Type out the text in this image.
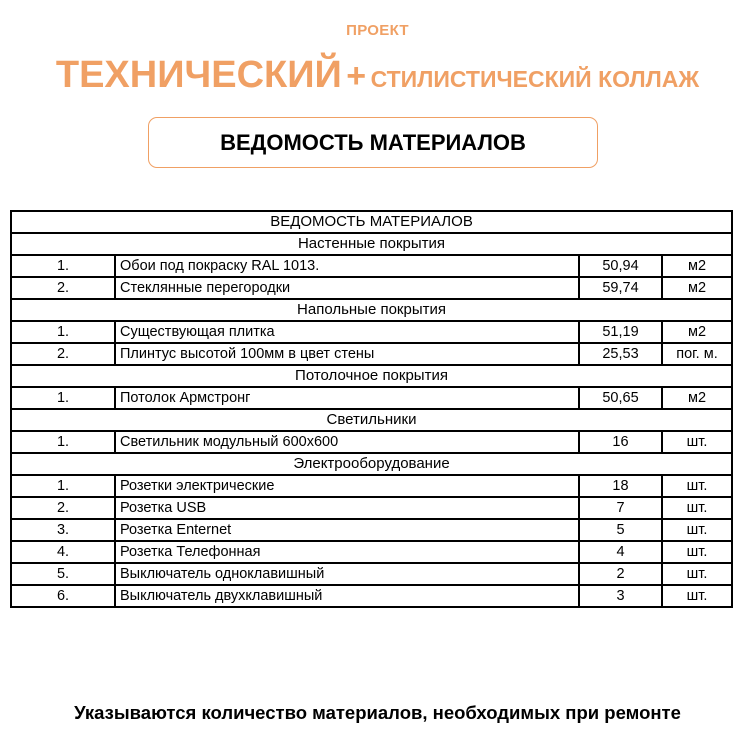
ПРОЕКТ
ТЕХНИЧЕСКИЙ + СТИЛИСТИЧЕСКИЙ КОЛЛАЖ
ВЕДОМОСТЬ МАТЕРИАЛОВ
ВЕДОМОСТЬ МАТЕРИАЛОВ			
Настенные покрытия			
1.	Обои под покраску RAL 1013.	50,94	м2
2.	Стеклянные перегородки	59,74	м2
Напольные покрытия			
1.	Существующая плитка	51,19	м2
2.	Плинтус высотой 100мм в цвет стены	25,53	пог. м.
Потолочное покрытия			
1.	Потолок Армстронг	50,65	м2
Светильники			
1.	Светильник модульный 600х600	16	шт.
Электрооборудование			
1.	Розетки электрические	18	шт.
2.	Розетка USB	7	шт.
3.	Розетка Enternet	5	шт.
4.	Розетка Телефонная	4	шт.
5.	Выключатель одноклавишный	2	шт.
6.	Выключатель двухклавишный	3	шт.
Указываются количество материалов, необходимых при ремонте
